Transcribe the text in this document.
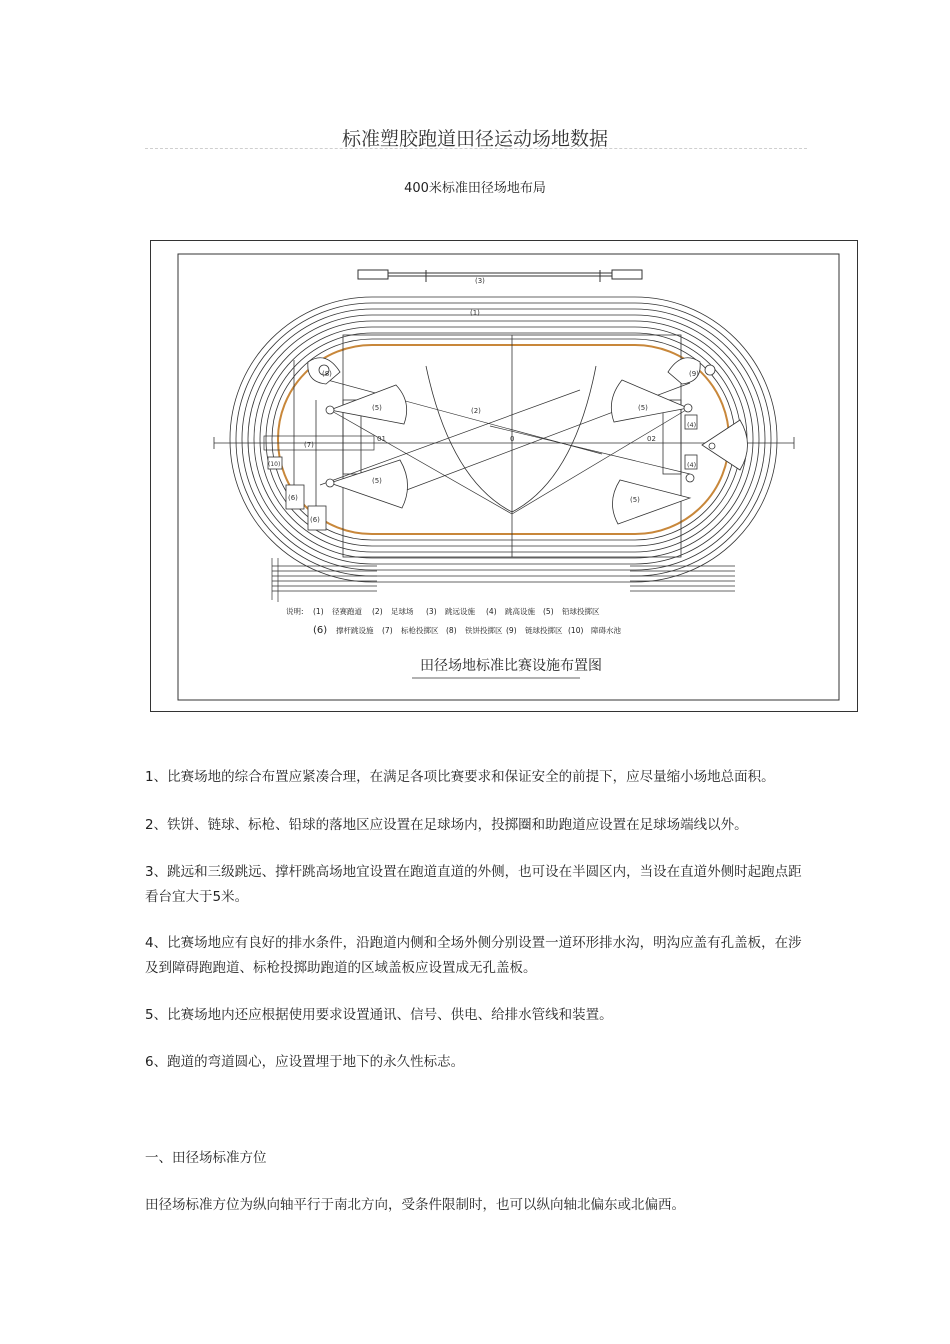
标准塑胶跑道田径运动场地数据
400米标准田径场地布局
(3)
(1)
(2)
01	0	02
(5)
(5)
(5)
(5)
(8)	(9)
(4)
(4)
(7)
(6)
(6)
(10)
说明: (1) 径赛跑道 (2) 足球场 (3) 跳远设施 (4) 跳高设施 (5) 铅球投掷区
(6) 撑杆跳设施 (7) 标枪投掷区 (8) 铁饼投掷区 (9) 链球投掷区 (10) 障碍水池
田径场地标准比赛设施布置图
1、比赛场地的综合布置应紧凑合理，在满足各项比赛要求和保证安全的前提下，应尽量缩小场地总面积。
2、铁饼、链球、标枪、铅球的落地区应设置在足球场内，投掷圈和助跑道应设置在足球场端线以外。
3、跳远和三级跳远、撑杆跳高场地宜设置在跑道直道的外侧，也可设在半圆区内，当设在直道外侧时起跑点距看台宜大于5米。
4、比赛场地应有良好的排水条件，沿跑道内侧和全场外侧分别设置一道环形排水沟，明沟应盖有孔盖板，在涉及到障碍跑跑道、标枪投掷助跑道的区域盖板应设置成无孔盖板。
5、比赛场地内还应根据使用要求设置通讯、信号、供电、给排水管线和装置。
6、跑道的弯道圆心，应设置埋于地下的永久性标志。
一、田径场标准方位
田径场标准方位为纵向轴平行于南北方向，受条件限制时，也可以纵向轴北偏东或北偏西。
